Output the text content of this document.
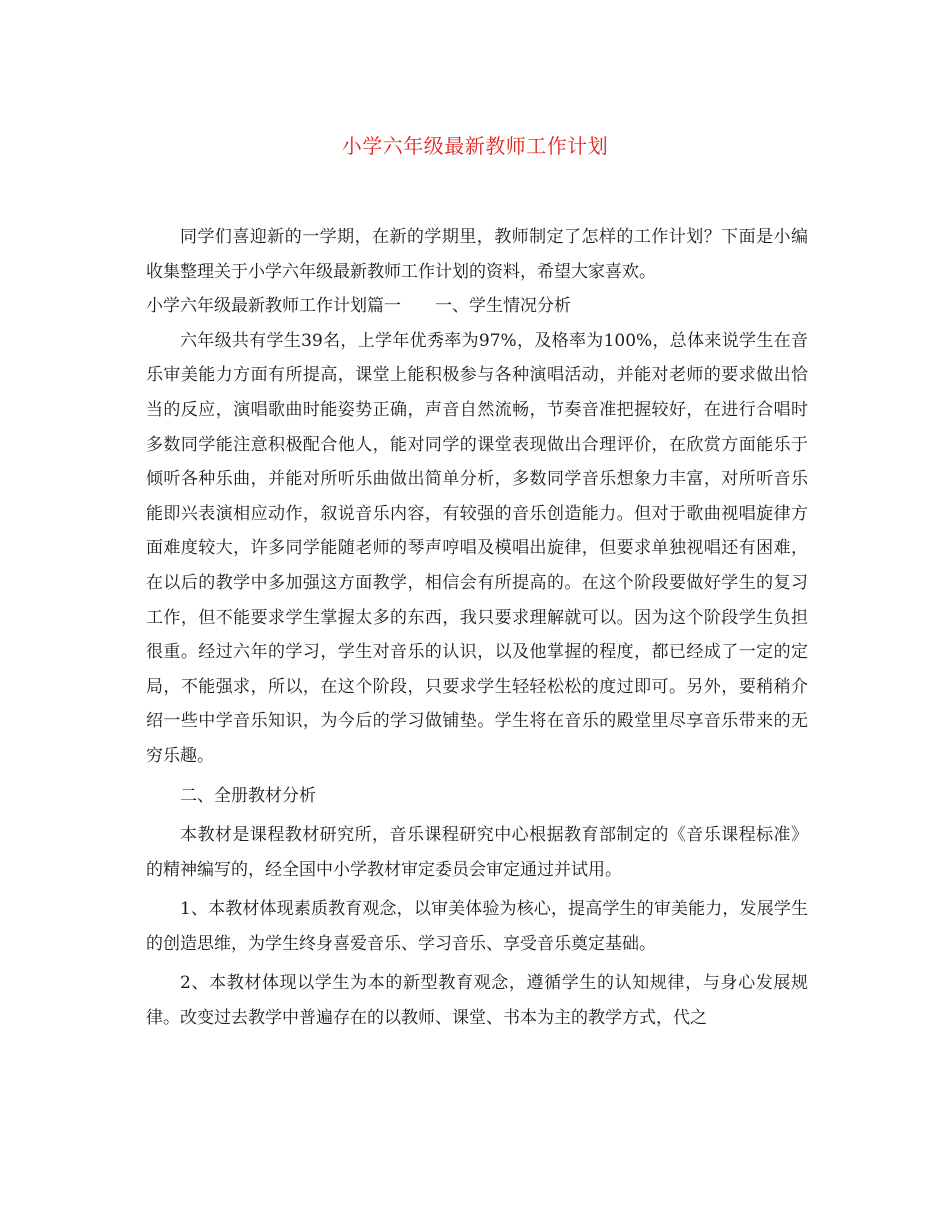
小学六年级最新教师工作计划

同学们喜迎新的一学期，在新的学期里，教师制定了怎样的工作计划？下面是小编收集整理关于小学六年级最新教师工作计划的资料，希望大家喜欢。

小学六年级最新教师工作计划篇一 一、学生情况分析

六年级共有学生39名，上学年优秀率为97%，及格率为100%，总体来说学生在音乐审美能力方面有所提高，课堂上能积极参与各种演唱活动，并能对老师的要求做出恰当的反应，演唱歌曲时能姿势正确，声音自然流畅，节奏音准把握较好，在进行合唱时多数同学能注意积极配合他人，能对同学的课堂表现做出合理评价，在欣赏方面能乐于倾听各种乐曲，并能对所听乐曲做出简单分析，多数同学音乐想象力丰富，对所听音乐能即兴表演相应动作，叙说音乐内容，有较强的音乐创造能力。但对于歌曲视唱旋律方面难度较大，许多同学能随老师的琴声哼唱及模唱出旋律，但要求单独视唱还有困难，在以后的教学中多加强这方面教学，相信会有所提高的。在这个阶段要做好学生的复习工作，但不能要求学生掌握太多的东西，我只要求理解就可以。因为这个阶段学生负担很重。经过六年的学习，学生对音乐的认识，以及他掌握的程度，都已经成了一定的定局，不能强求，所以，在这个阶段，只要求学生轻轻松松的度过即可。另外，要稍稍介绍一些中学音乐知识，为今后的学习做铺垫。学生将在音乐的殿堂里尽享音乐带来的无穷乐趣。

二、全册教材分析

本教材是课程教材研究所，音乐课程研究中心根据教育部制定的《音乐课程标准》的精神编写的，经全国中小学教材审定委员会审定通过并试用。

1、本教材体现素质教育观念，以审美体验为核心，提高学生的审美能力，发展学生的创造思维，为学生终身喜爱音乐、学习音乐、享受音乐奠定基础。

2、本教材体现以学生为本的新型教育观念，遵循学生的认知规律，与身心发展规律。改变过去教学中普遍存在的以教师、课堂、书本为主的教学方式，代之
